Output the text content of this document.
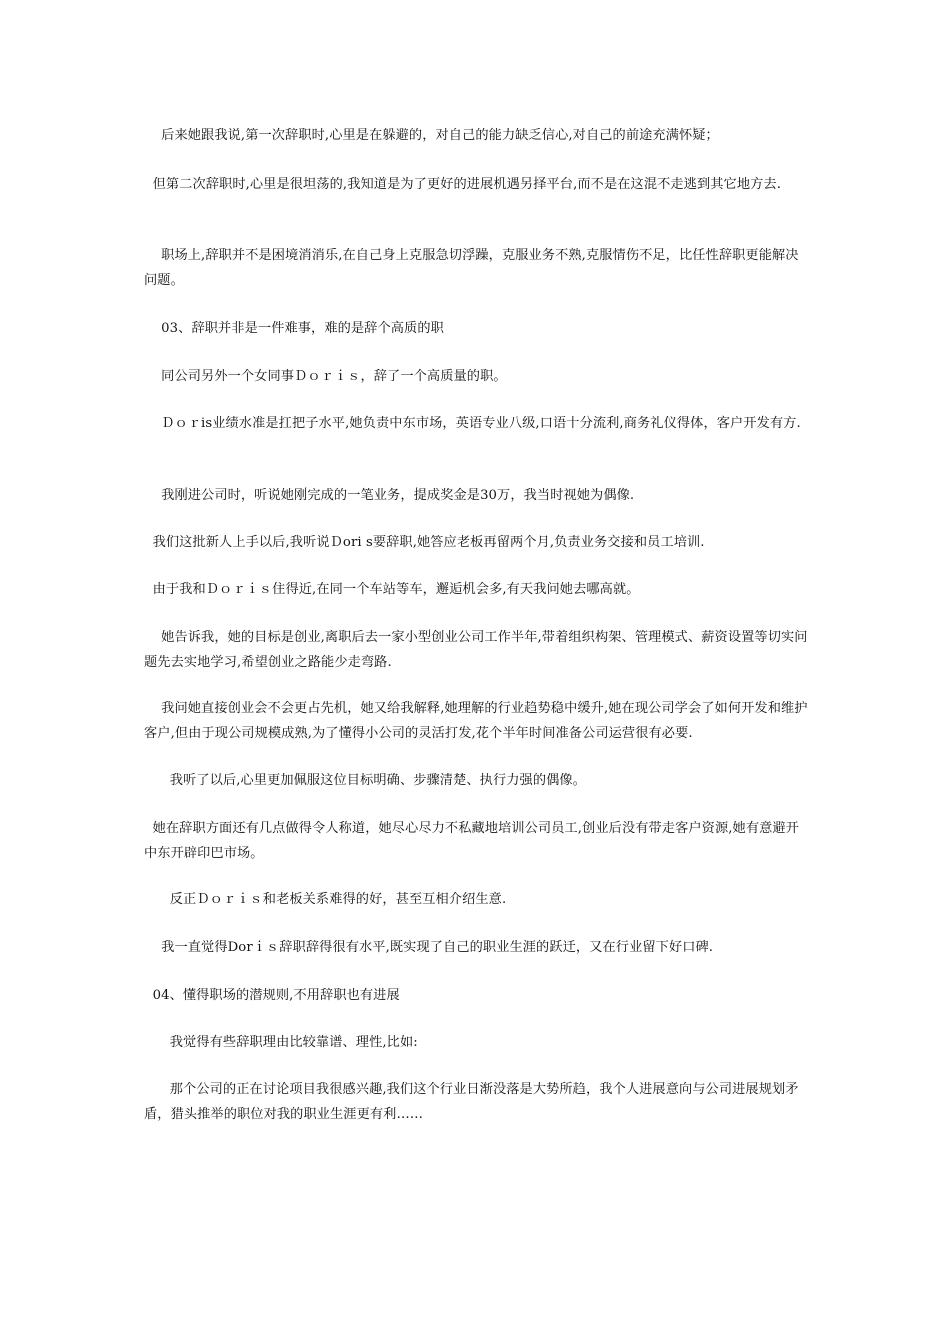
后来她跟我说,第一次辞职时,心里是在躲避的，对自己的能力缺乏信心,对自己的前途充满怀疑；

但第二次辞职时,心里是很坦荡的,我知道是为了更好的进展机遇另择平台,而不是在这混不走逃到其它地方去.

职场上,辞职并不是困境消消乐,在自己身上克服急切浮躁，克服业务不熟,克服情伤不足，比任性辞职更能解决问题。

03、辞职并非是一件难事，难的是辞个高质的职

同公司另外一个女同事Ｄｏｒｉｓ，辞了一个高质量的职。

Ｄｏｒis业绩水准是扛把子水平,她负责中东市场，英语专业八级,口语十分流利,商务礼仪得体，客户开发有方.

我刚进公司时，听说她刚完成的一笔业务，提成奖金是30万，我当时视她为偶像.

我们这批新人上手以后,我听说Ｄori s要辞职,她答应老板再留两个月,负责业务交接和员工培训.

由于我和Ｄｏｒｉｓ住得近,在同一个车站等车，邂逅机会多,有天我问她去哪高就。

她告诉我，她的目标是创业,离职后去一家小型创业公司工作半年,带着组织构架、管理模式、薪资设置等切实问题先去实地学习,希望创业之路能少走弯路.

我问她直接创业会不会更占先机，她又给我解释,她理解的行业趋势稳中缓升,她在现公司学会了如何开发和维护客户,但由于现公司规模成熟,为了懂得小公司的灵活打发,花个半年时间准备公司运营很有必要.

我听了以后,心里更加佩服这位目标明确、步骤清楚、执行力强的偶像。

她在辞职方面还有几点做得令人称道，她尽心尽力不私藏地培训公司员工,创业后没有带走客户资源,她有意避开中东开辟印巴市场。

反正Ｄｏｒｉｓ和老板关系难得的好，甚至互相介绍生意.

我一直觉得Dorｉｓ辞职辞得很有水平,既实现了自己的职业生涯的跃迁，又在行业留下好口碑.

04、懂得职场的潜规则,不用辞职也有进展

我觉得有些辞职理由比较靠谱、理性,比如:

那个公司的正在讨论项目我很感兴趣,我们这个行业日渐没落是大势所趋，我个人进展意向与公司进展规划矛盾，猎头推举的职位对我的职业生涯更有利……
